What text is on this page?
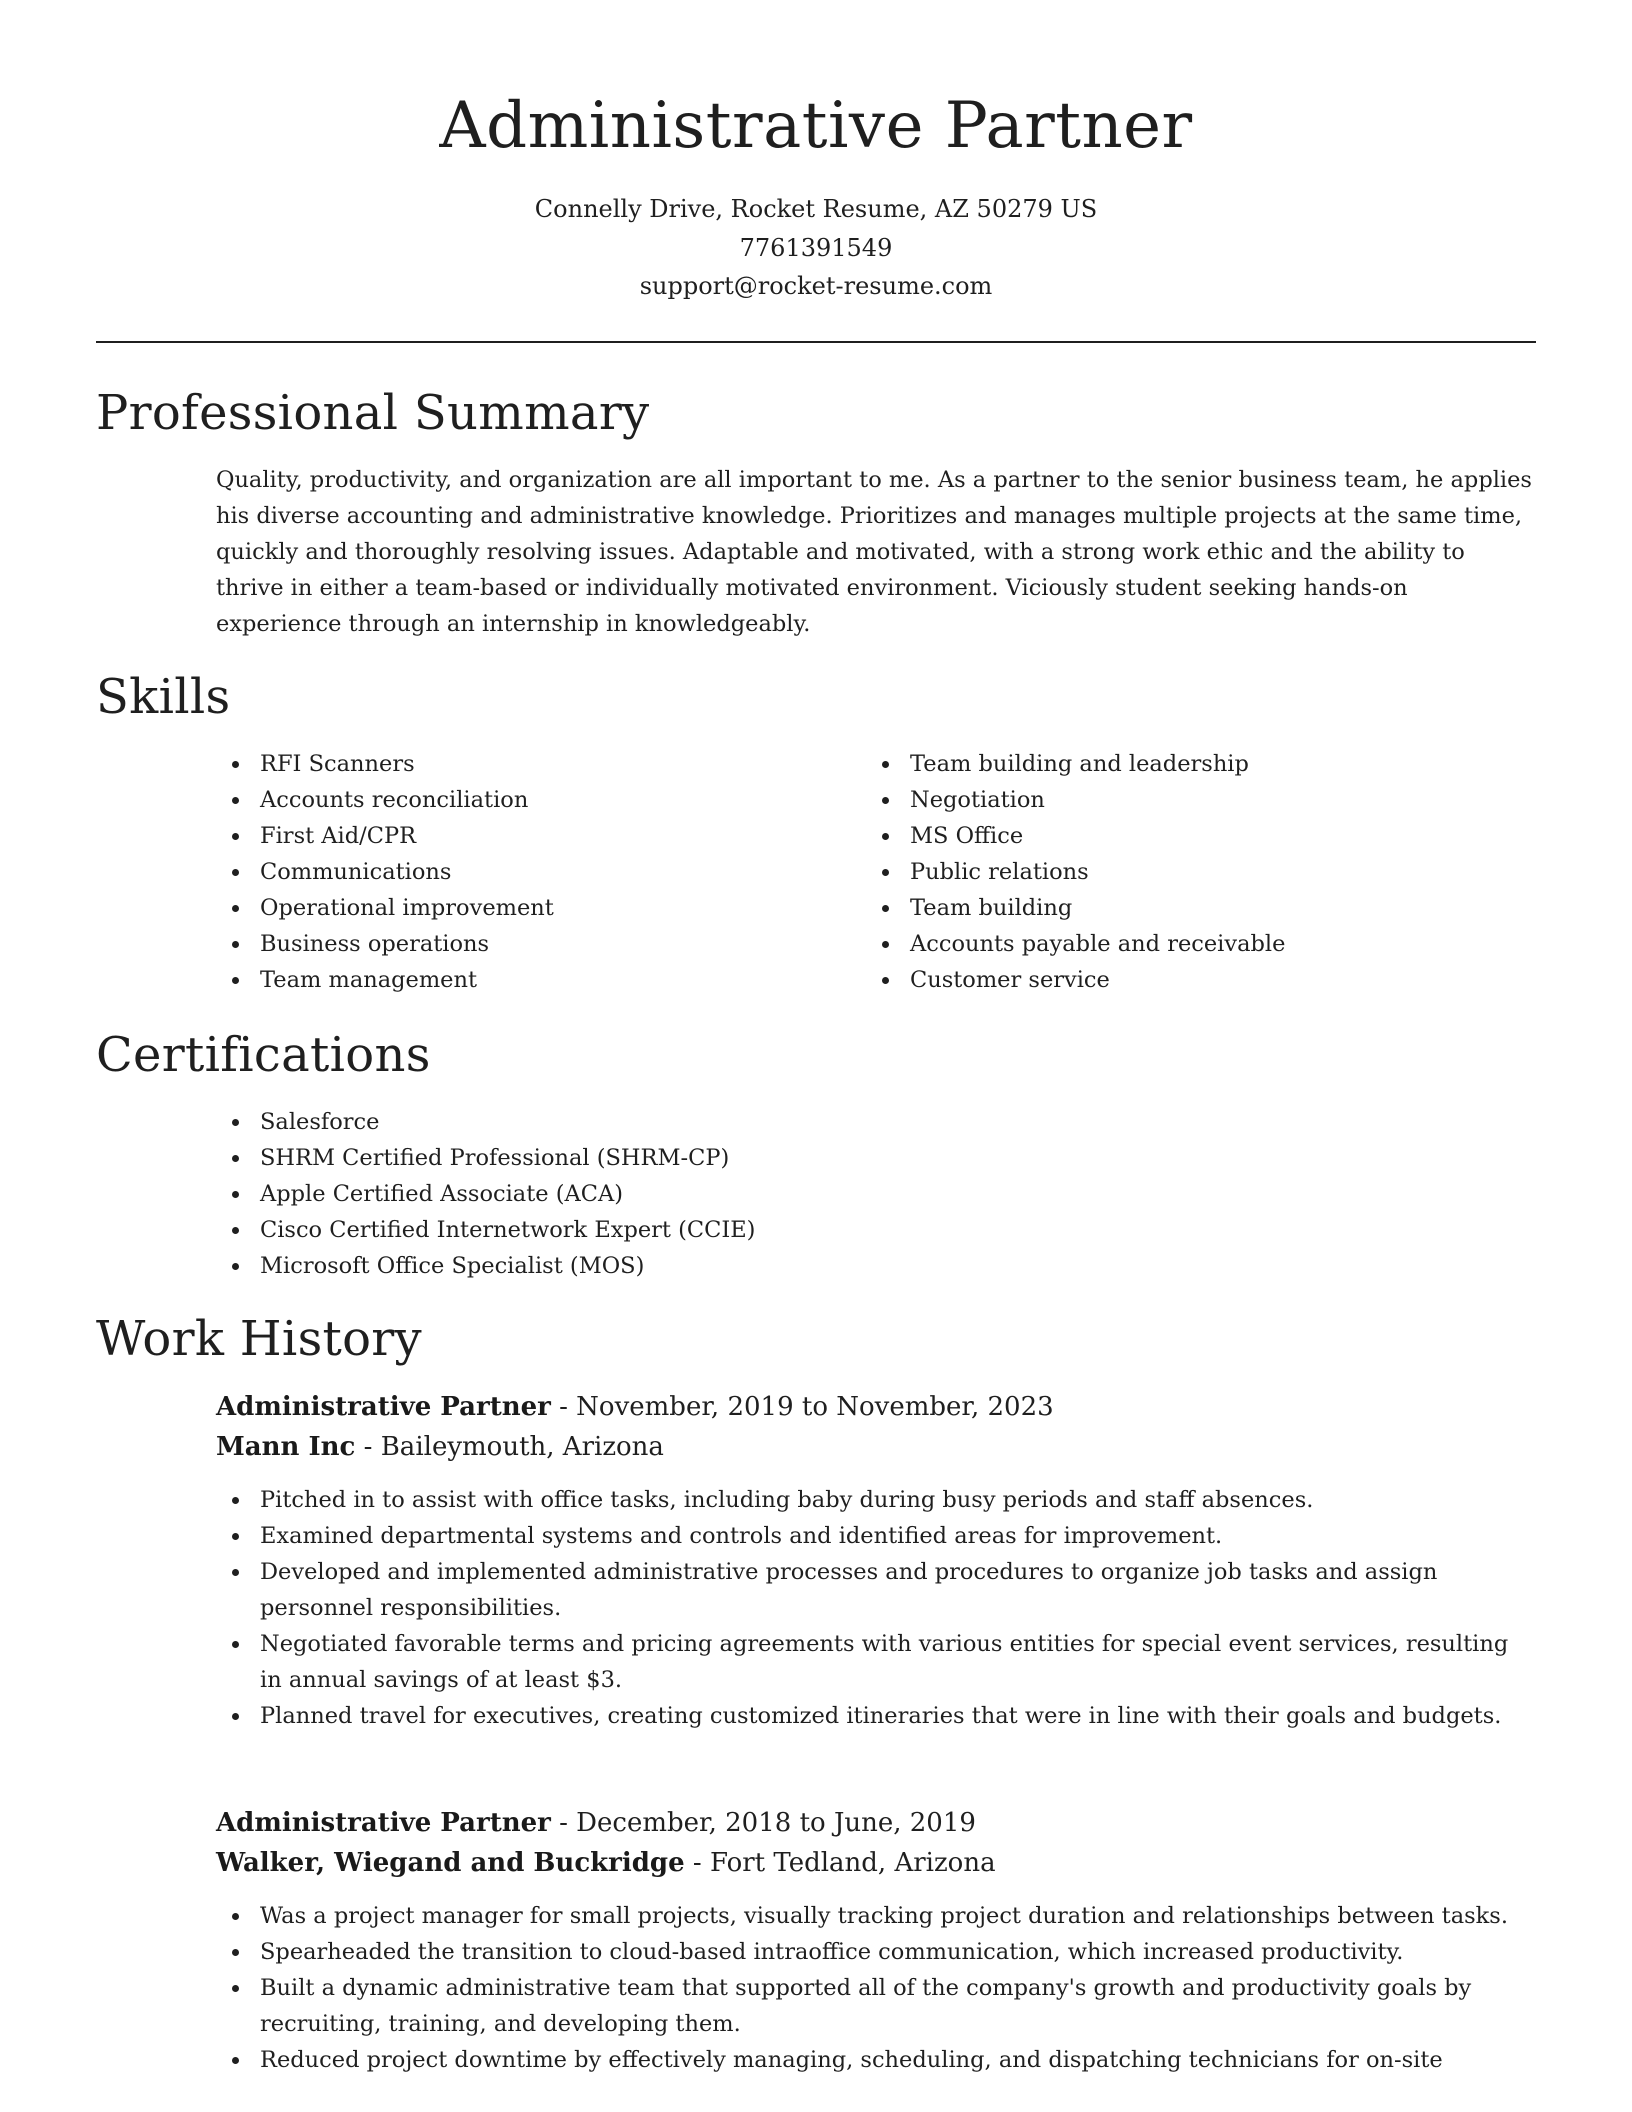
Administrative Partner
Connelly Drive, Rocket Resume, AZ 50279 US
7761391549
support@rocket-resume.com
Professional Summary

Quality, productivity, and organization are all important to me. As a partner to the senior business team, he applies his diverse accounting and administrative knowledge. Prioritizes and manages multiple projects at the same time, quickly and thoroughly resolving issues. Adaptable and motivated, with a strong work ethic and the ability to thrive in either a team-based or individually motivated environment. Viciously student seeking hands-on experience through an internship in knowledgeably.

Skills
RFI Scanners
Accounts reconciliation
First Aid/CPR
Communications
Operational improvement
Business operations
Team management
Team building and leadership
Negotiation
MS Office
Public relations
Team building
Accounts payable and receivable
Customer service
Certifications
Salesforce
SHRM Certified Professional (SHRM-CP)
Apple Certified Associate (ACA)
Cisco Certified Internetwork Expert (CCIE)
Microsoft Office Specialist (MOS)
Work History
Administrative Partner - November, 2019 to November, 2023
Mann Inc - Baileymouth, Arizona
Pitched in to assist with office tasks, including baby during busy periods and staff absences.
Examined departmental systems and controls and identified areas for improvement.
Developed and implemented administrative processes and procedures to organize job tasks and assign personnel responsibilities.
Negotiated favorable terms and pricing agreements with various entities for special event services, resulting in annual savings of at least $3.
Planned travel for executives, creating customized itineraries that were in line with their goals and budgets.
Administrative Partner - December, 2018 to June, 2019
Walker, Wiegand and Buckridge - Fort Tedland, Arizona
Was a project manager for small projects, visually tracking project duration and relationships between tasks.
Spearheaded the transition to cloud-based intraoffice communication, which increased productivity.
Built a dynamic administrative team that supported all of the company's growth and productivity goals by recruiting, training, and developing them.
Reduced project downtime by effectively managing, scheduling, and dispatching technicians for on-site
